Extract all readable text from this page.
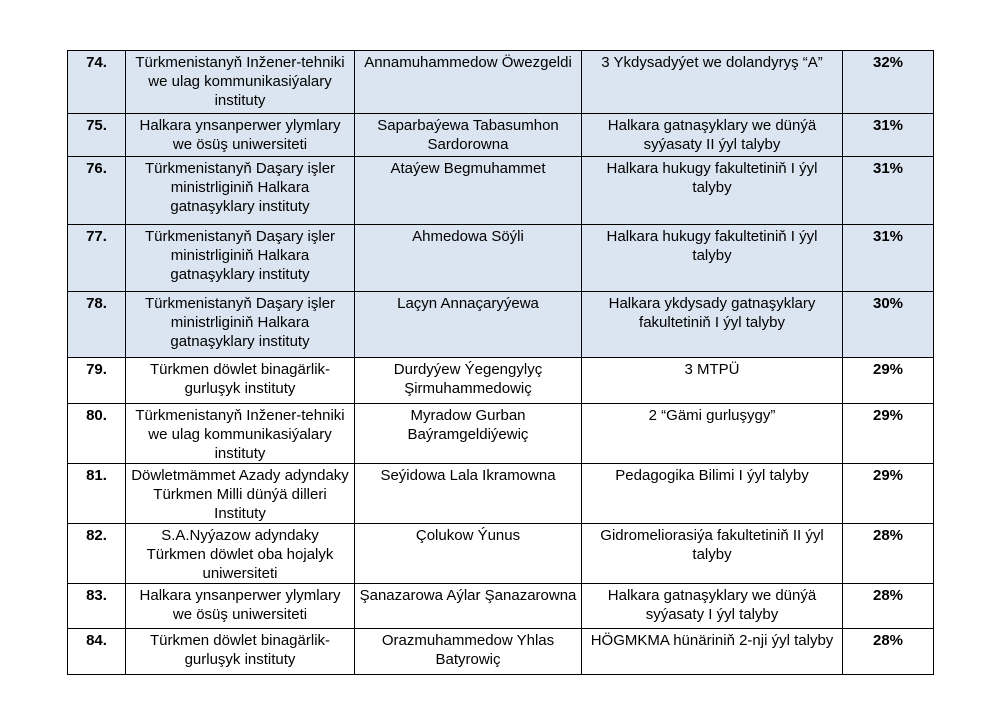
74.	Türkmenistanyň Inžener-tehniki we ulag kommunikasiýalary instituty	Annamuhammedow Öwezgeldi	3 Ykdysadyýet we dolandyryş “A”	32%
75.	Halkara ynsanperwer ylymlary we ösüş uniwersiteti	Saparbaýewa Tabasumhon Sardorowna	Halkara gatnaşyklary we dünýä syýasaty II ýyl talyby	31%
76.	Türkmenistanyň Daşary işler ministrliginiň Halkara gatnaşyklary instituty	Ataýew Begmuhammet	Halkara hukugy fakultetiniň I ýyl talyby	31%
77.	Türkmenistanyň Daşary işler ministrliginiň Halkara gatnaşyklary instituty	Ahmedowa Söýli	Halkara hukugy fakultetiniň I ýyl talyby	31%
78.	Türkmenistanyň Daşary işler ministrliginiň Halkara gatnaşyklary instituty	Laçyn Annaçaryýewa	Halkara ykdysady gatnaşyklary fakultetiniň I ýyl talyby	30%
79.	Türkmen döwlet binagärlik-gurluşyk instituty	Durdyýew Ýegengylyç Şirmuhammedowiç	3 MTPÜ	29%
80.	Türkmenistanyň Inžener-tehniki we ulag kommunikasiýalary instituty	Myradow Gurban Baýramgeldiýewiç	2 “Gämi gurluşygy”	29%
81.	Döwletmämmet Azady adyndaky Türkmen Milli dünýä dilleri Instituty	Seýidowa Lala Ikramowna	Pedagogika Bilimi I ýyl talyby	29%
82.	S.A.Nyýazow adyndaky Türkmen döwlet oba hojalyk uniwersiteti	Çolukow Ýunus	Gidromeliorasiýa fakultetiniň II ýyl talyby	28%
83.	Halkara ynsanperwer ylymlary we ösüş uniwersiteti	Şanazarowa Aýlar Şanazarowna	Halkara gatnaşyklary we dünýä syýasaty I ýyl talyby	28%
84.	Türkmen döwlet binagärlik-gurluşyk instituty	Orazmuhammedow Yhlas Batyrowiç	HÖGMKMA hünäriniň 2-nji ýyl talyby	28%
